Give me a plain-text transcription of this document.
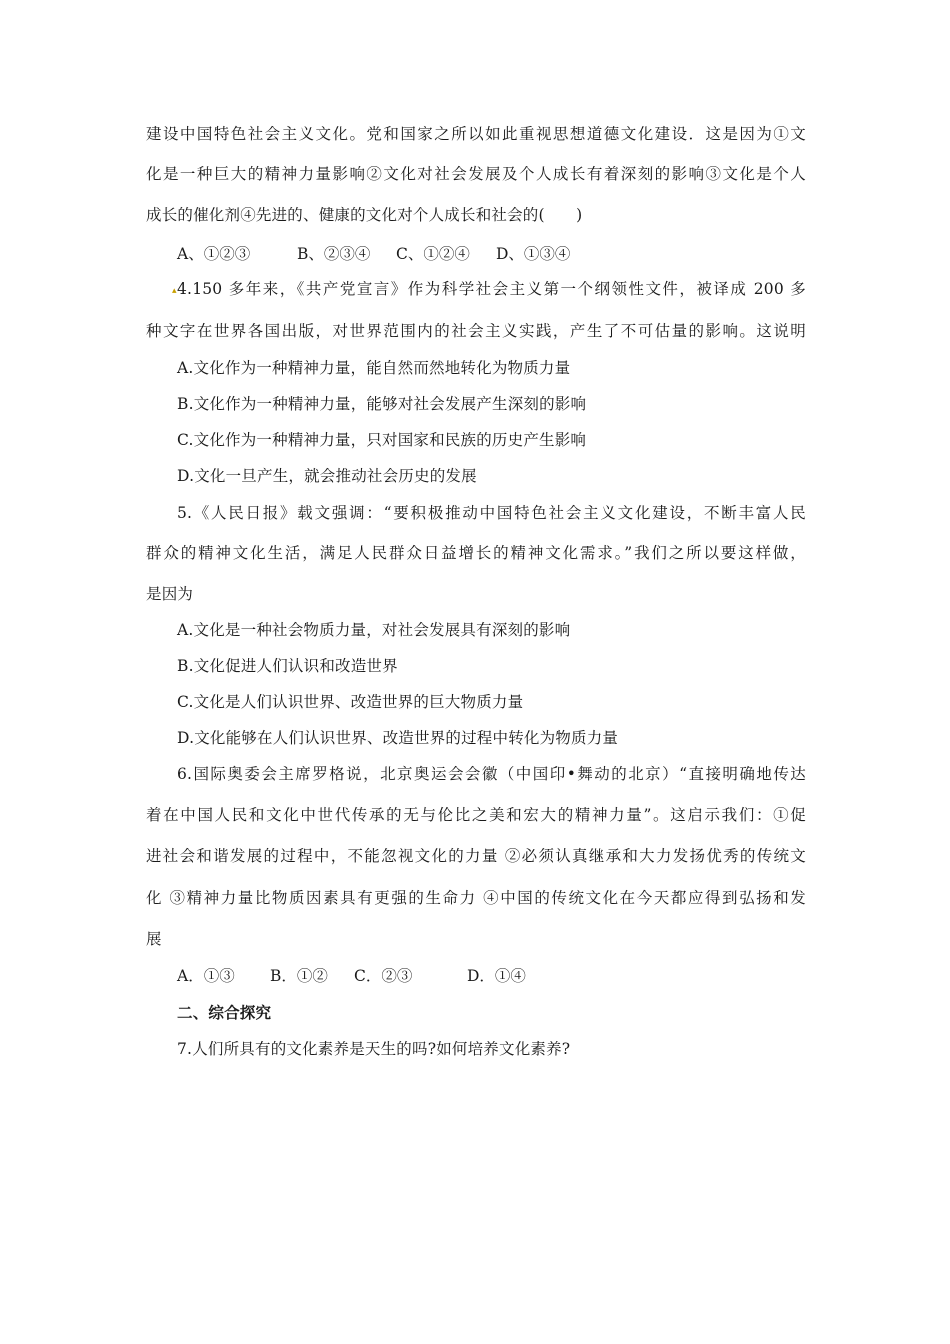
建设中国特色社会主义文化。党和国家之所以如此重视思想道德文化建设．这是因为①文
化是一种巨大的精神力量影响②文化对社会发展及个人成长有着深刻的影响③文化是个人
成长的催化剂④先进的、健康的文化对个人成长和社会的(　　)
A、①②③	B、②③④ C、①②④ D、①③④
▴ 4.150 多年来，《共产党宣言》作为科学社会主义第一个纲领性文件，被译成 200 多
种文字在世界各国出版，对世界范围内的社会主义实践，产生了不可估量的影响。这说明
A.文化作为一种精神力量，能自然而然地转化为物质力量
B.文化作为一种精神力量，能够对社会发展产生深刻的影响
C.文化作为一种精神力量，只对国家和民族的历史产生影响
D.文化一旦产生，就会推动社会历史的发展
5.《人民日报》载文强调：“要积极推动中国特色社会主义文化建设，不断丰富人民
群众的精神文化生活，满足人民群众日益增长的精神文化需求。”我们之所以要这样做，
是因为
A.文化是一种社会物质力量，对社会发展具有深刻的影响
B.文化促进人们认识和改造世界
C.文化是人们认识世界、改造世界的巨大物质力量
D.文化能够在人们认识世界、改造世界的过程中转化为物质力量
6.国际奥委会主席罗格说，北京奥运会会徽（中国印•舞动的北京）“直接明确地传达
着在中国人民和文化中世代传承的无与伦比之美和宏大的精神力量”。这启示我们：①促
进社会和谐发展的过程中，不能忽视文化的力量 ②必须认真继承和大力发扬优秀的传统文
化 ③精神力量比物质因素具有更强的生命力 ④中国的传统文化在今天都应得到弘扬和发
展
A．①③ B．①② C．②③	D．①④
二、综合探究
7.人们所具有的文化素养是天生的吗?如何培养文化素养?
